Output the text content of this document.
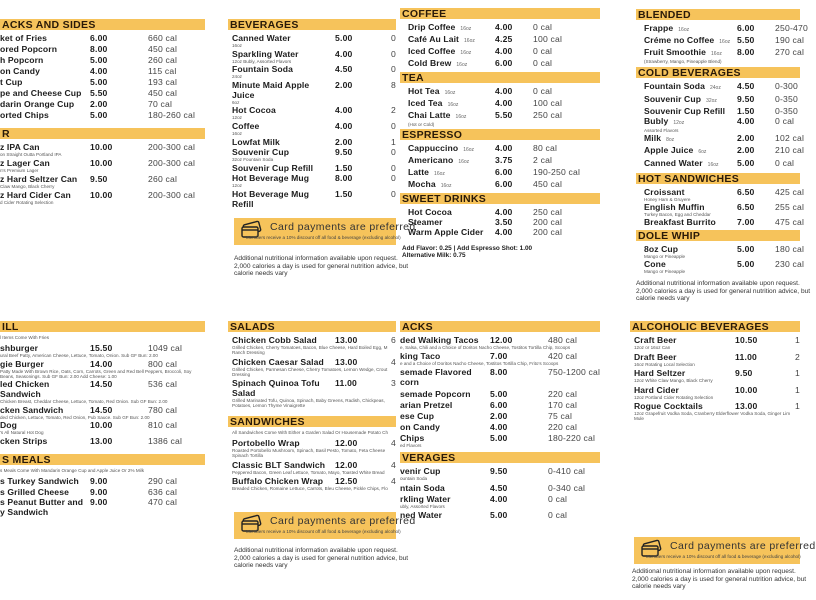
ACKS AND SIDES
ket of Fries	6.00	660 cal
ored Popcorn	8.00	450 cal
h Popcorn	5.00	260 cal
on Candy	4.00	115 cal
t Cup	5.00	193 cal
pe and Cheese Cup 5.50	450 cal
darin Orange Cup	2.00	70 cal
orted Chips	5.00	180-260 cal
R
z IPA Can
on Straight Outta Portland IPA
10.00	200-300 cal
z Lager Can
n's Premium Lager
10.00	200-300 cal
z Hard Seltzer Can
Claw Mango, Black Cherry
9.50	260 cal
z Hard Cider Can
d Cider Rotating Selection
10.00	200-300 cal
BEVERAGES
Canned Water
16oz
5.00	0
Sparkling Water
12oz Bubly, Assorted Flavors
4.00	0
Fountain Soda
24oz
4.50	0
Minute Maid Apple Juice
6oz
2.00	8
Hot Cocoa
12oz
4.00	2
Coffee
16oz
4.00	0
Lowfat Milk	2.00	1
Souvenir Cup
32oz Fountain Soda
9.50	0
Souvenir Cup Refill	1.50	0
Hot Beverage Mug
12oz
8.00	0
Hot Beverage Mug Refill
1.50	0
COFFEE
Drip Coffee 16oz	4.00 0 cal
Café Au Lait 16oz	4.25 100 cal
Iced Coffee 16oz	4.00 0 cal
Cold Brew 16oz	6.00 0 cal
TEA
Hot Tea 16oz	4.00 0 cal
Iced Tea 16oz	4.00 100 cal
Chai Latte 16oz
(Hot or Cold)
5.50 250 cal
ESPRESSO
Cappuccino 16oz	4.00 80 cal
Americano 16oz	3.75 2 cal
Latte 16oz	6.00 190-250 cal
Mocha 16oz	6.00 450 cal
SWEET DRINKS
Hot Cocoa	4.00 250 cal
Steamer	3.50 200 cal
Warm Apple Cider	4.00 200 cal
Add Flavor: 0.25 | Add Espresso Shot: 1.00
Alternative Milk: 0.75
BLENDED
Frappe 16oz	6.00 250-470
Créme no Coffee 16oz 5.50 190 cal
Fruit Smoothie 16oz
(Strawberry, Mango, Pineapple Blend)
8.00 270 cal
COLD BEVERAGES
Fountain Soda 24oz	4.50 0-300
Souvenir Cup 32oz	9.50 0-350
Souvenir Cup Refill	1.50 0-350
Bubly 12oz
Assorted Flavors
4.00 0 cal
Milk 8oz	2.00 102 cal
Apple Juice 6oz	2.00 210 cal
Canned Water 16oz	5.00 0 cal
HOT SANDWICHES
Croissant
Honey Ham & Gruyere
6.50 425 cal
English Muffin
Turkey Bacon, Egg and Cheddar
6.50 255 cal
Breakfast Burrito	7.00 475 cal
DOLE WHIP
8oz Cup
Mango or Pineapple
5.00 180 cal
Cone
Mango or Pineapple
5.00 230 cal
ILL
l Items Come With Fries
shburger
ural Beef Patty, American Cheese, Lettuce, Tomato, Onion. Sub GF Bun: 2.00
15.50	1049 cal
gie Burger
Patty Made With Brown Rice, Oats, Corn, Carrots, Green and Red Bell Peppers, Broccoli, Soy Beans, Seasonings. Sub GF Bun: 2.00 Add Cheese: 1.00
14.00	800 cal
led Chicken Sandwich
Chicken Breast, Cheddar Cheese, Lettuce, Tomato, Red Onion. Sub GF Bun: 2.00
14.50	536 cal
cken Sandwich
ded Chicken, Lettuce, Tomato, Red Onion, Pub Sauce. Sub GF Bun: 2.00
14.50	780 cal
Dog
's All Natural Hot Dog
10.00	810 cal
cken Strips	13.00	1386 cal
S MEALS
s Meals Come With Mandarin Orange Cup and Apple Juice Or 2% Milk
s Turkey Sandwich	9.00	290 cal
s Grilled Cheese	9.00	636 cal
s Peanut Butter and y Sandwich
9.00	470 cal
SALADS
Chicken Cobb Salad
Grilled Chicken, Cherry Tomatoes, Bacon, Blue Cheese, Hard Boiled Egg, M Ranch Dressing
13.00	6
Chicken Caesar Salad
Grilled Chicken, Parmesan Cheese, Cherry Tomatoes, Lemon Wedge, Crout Dressing
13.00	4
Spinach Quinoa Tofu Salad
Grilled Marinated Tofu, Quinoa, Spinach, Baby Greens, Radish, Chickpeas, Potatoes, Lemon Thyme Vinaigrette
11.00	3
SANDWICHES
All Sandwiches Come With Either a Garden Salad Or Housemade Potato Ch
Portobello Wrap
Roasted Portobello Mushroom, Spinach, Basil Pesto, Tomato, Feta Cheese Spinach Tortilla
12.00	4
Classic BLT Sandwich
Peppered Bacon, Green Leaf Lettuce, Tomato, Mayo, Toasted White Bread
12.00	4
Buffalo Chicken Wrap
Breaded Chicken, Romaine Lettuce, Carrots, Bleu Cheese, Pickle Chips, Flo
12.50	4
ACKS
ded Walking Tacos
e, Salsa, Chili and a Choice of Doritos Nacho Cheese, Tostitos Tortilla Chip, Scoops
12.00	480 cal
king Taco
e and a Choice of Doritos Nacho Cheese, Tostitos Tortilla Chip, Frito's Scoops
7.00	420 cal
semade Flavored corn
8.00	750-1200 cal
semade Popcorn	5.00	220 cal
arian Pretzel	6.00	170 cal
ese Cup	2.00	75 cal
on Candy	4.00	220 cal
Chips
ed Flavors
5.00	180-220 cal
VERAGES
venir Cup
ountain Soda
9.50	0-410 cal
ntain Soda	4.50	0-340 cal
rkling Water
ubly, Assorted Flavors
4.00	0 cal
ned Water	5.00	0 cal
ALCOHOLIC BEVERAGES
Craft Beer
12oz or 16oz Can
10.50	1
Draft Beer
16oz Rotating Local Selection
11.00	2
Hard Seltzer
12oz White Claw Mango, Black Cherry
9.50	1
Hard Cider
12oz Portland Cider Rotating Selection
10.00	1
Rogue Cocktails
12oz Grapefruit Vodka Soda, Cranberry Elderflower Vodka Soda, Ginger Lim Mule
13.00	1
Card payments are preferred
Members receive a 10% discount off all food & beverage (excluding alcohol)
Card payments are preferred
Members receive a 10% discount off all food & beverage (excluding alcohol)
Card payments are preferred
Members receive a 10% discount off all food & beverage (excluding alcohol)
Additional nutritional information available upon request.
2,000 calories a day is used for general nutrition advice, but
calorie needs vary
Additional nutritional information available upon request.
2,000 calories a day is used for general nutrition advice, but
calorie needs vary
Additional nutritional information available upon request.
2,000 calories a day is used for general nutrition advice, but
calorie needs vary
Additional nutritional information available upon request.
2,000 calories a day is used for general nutrition advice, but
calorie needs vary
